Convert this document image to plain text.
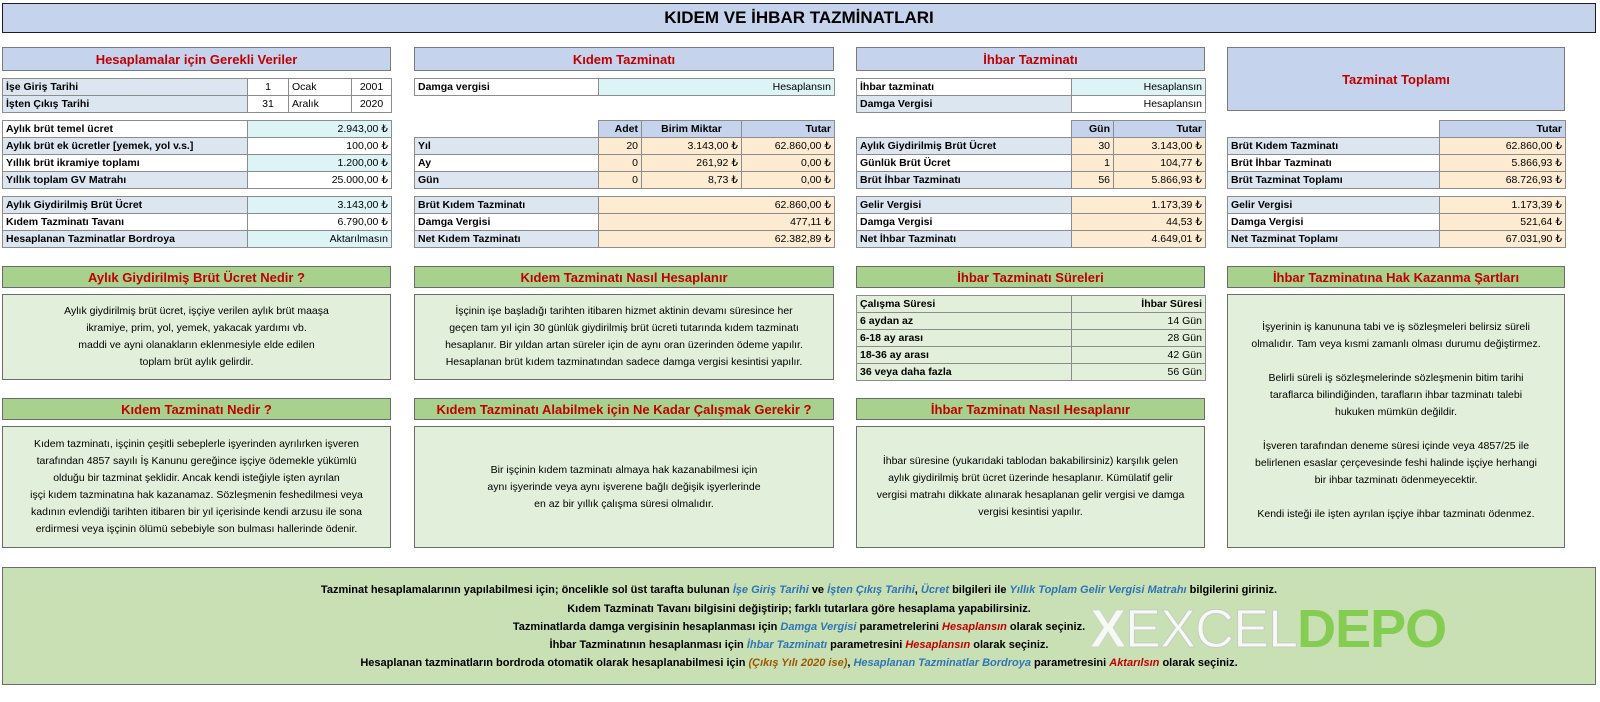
KIDEM VE İHBAR TAZMİNATLARI
Hesaplamalar için Gerekli Veriler	Kıdem Tazminatı	İhbar Tazminatı
Tazminat Toplamı
İşe Giriş Tarihi	1	Ocak	2001
İşten Çıkış Tarihi	31	Aralık	2020
Aylık brüt temel ücret	2.943,00 ₺
Aylık brüt ek ücretler [yemek, yol v.s.]	100,00 ₺
Yıllık brüt ikramiye toplamı	1.200,00 ₺
Yıllık toplam GV Matrahı	25.000,00 ₺
Aylık Giydirilmiş Brüt Ücret	3.143,00 ₺
Kıdem Tazminatı Tavanı	6.790,00 ₺
Hesaplanan Tazminatlar Bordroya	Aktarılmasın
Damga vergisi	Hesaplansın
	Adet	Birim Miktar	Tutar
Yıl	20	3.143,00 ₺	62.860,00 ₺
Ay	0	261,92 ₺	0,00 ₺
Gün	0	8,73 ₺	0,00 ₺
Brüt Kıdem Tazminatı	62.860,00 ₺
Damga Vergisi	477,11 ₺
Net Kıdem Tazminatı	62.382,89 ₺
İhbar tazminatı	Hesaplansın
Damga Vergisi	Hesaplansın
	Gün	Tutar
Aylık Giydirilmiş Brüt Ücret	30	3.143,00 ₺
Günlük Brüt Ücret	1	104,77 ₺
Brüt İhbar Tazminatı	56	5.866,93 ₺
Gelir Vergisi	1.173,39 ₺
Damga Vergisi	44,53 ₺
Net İhbar Tazminatı	4.649,01 ₺
	Tutar
Brüt Kıdem Tazminatı	62.860,00 ₺
Brüt İhbar Tazminatı	5.866,93 ₺
Brüt Tazminat Toplamı	68.726,93 ₺
Gelir Vergisi	1.173,39 ₺
Damga Vergisi	521,64 ₺
Net Tazminat Toplamı	67.031,90 ₺
Aylık Giydirilmiş Brüt Ücret Nedir ?	Kıdem Tazminatı Nasıl Hesaplanır	İhbar Tazminatı Süreleri	İhbar Tazminatına Hak Kazanma Şartları
Aylık giydirilmiş brüt ücret, işçiye verilen aylık brüt maaşa
ikramiye, prim, yol, yemek, yakacak yardımı vb.
maddi ve ayni olanakların eklenmesiyle elde edilen
toplam brüt aylık gelirdir.
İşçinin işe başladığı tarihten itibaren hizmet aktinin devamı süresince her
geçen tam yıl için 30 günlük giydirilmiş brüt ücreti tutarında kıdem tazminatı
hesaplanır. Bir yıldan artan süreler için de aynı oran üzerinden ödeme yapılır.
Hesaplanan brüt kıdem tazminatından sadece damga vergisi kesintisi yapılır.
Çalışma Süresi	İhbar Süresi
6 aydan az	14 Gün
6-18 ay arası	28 Gün
18-36 ay arası	42 Gün
36 veya daha fazla	56 Gün
İşyerinin iş kanununa tabi ve iş sözleşmeleri belirsiz süreli
olmalıdır. Tam veya kısmi zamanlı olması durumu değiştirmez.
Belirli süreli iş sözleşmelerinde sözleşmenin bitim tarihi
taraflarca bilindiğinden, tarafların ihbar tazminatı talebi
hukuken mümkün değildir.
İşveren tarafından deneme süresi içinde veya 4857/25 ile
belirlenen esaslar çerçevesinde feshi halinde işçiye herhangi
bir ihbar tazminatı ödenmeyecektir.
Kendi isteği ile işten ayrılan işçiye ihbar tazminatı ödenmez.
Kıdem Tazminatı Nedir ?	Kıdem Tazminatı Alabilmek için Ne Kadar Çalışmak Gerekir ?	İhbar Tazminatı Nasıl Hesaplanır
Kıdem tazminatı, işçinin çeşitli sebeplerle işyerinden ayrılırken işveren
tarafından 4857 sayılı İş Kanunu gereğince işçiye ödemekle yükümlü
olduğu bir tazminat şeklidir. Ancak kendi isteğiyle işten ayrılan
işçi kıdem tazminatına hak kazanamaz. Sözleşmenin feshedilmesi veya
kadının evlendiği tarihten itibaren bir yıl içerisinde kendi arzusu ile sona
erdirmesi veya işçinin ölümü sebebiyle son bulması hallerinde ödenir.
Bir işçinin kıdem tazminatı almaya hak kazanabilmesi için
aynı işyerinde veya aynı işverene bağlı değişik işyerlerinde
en az bir yıllık çalışma süresi olmalıdır.
İhbar süresine (yukarıdaki tablodan bakabilirsiniz) karşılık gelen
aylık giydirilmiş brüt ücret üzerinde hesaplanır. Kümülatif gelir
vergisi matrahı dikkate alınarak hesaplanan gelir vergisi ve damga
vergisi kesintisi yapılır.
Tazminat hesaplamalarının yapılabilmesi için; öncelikle sol üst tarafta bulunan İşe Giriş Tarihi ve İşten Çıkış Tarihi, Ücret bilgileri ile Yıllık Toplam Gelir Vergisi Matrahı bilgilerini giriniz.
Kıdem Tazminatı Tavanı bilgisini değiştirip; farklı tutarlara göre hesaplama yapabilirsiniz.
Tazminatlarda damga vergisinin hesaplanması için Damga Vergisi parametrelerini Hesaplansın olarak seçiniz.
İhbar Tazminatının hesaplanması için İhbar Tazminatı parametresini Hesaplansın olarak seçiniz.
Hesaplanan tazminatların bordroda otomatik olarak hesaplanabilmesi için (Çıkış Yılı 2020 ise), Hesaplanan Tazminatlar Bordroya parametresini Aktarılsın olarak seçiniz.
XEXCELDEPO
